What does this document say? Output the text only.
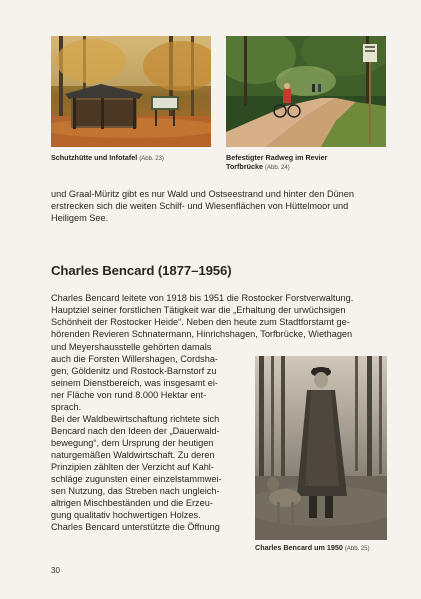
Schutzhütte und Infotafel (Abb. 23)	Befestigter Radweg im Revier
Torfbrücke (Abb. 24)
und Graal-Müritz gibt es nur Wald und Ostseestrand und hinter den Dünen
erstrecken sich die weiten Schilf- und Wiesenflächen von Hüttelmoor und
Heiligem See.
Charles Bencard (1877–1956)
Charles Bencard leitete von 1918 bis 1951 die Rostocker Forstverwaltung.
Hauptziel seiner forstlichen Tätigkeit war die „Erhaltung der urwüchsigen
Schönheit der Rostocker Heide“. Neben den heute zum Stadtforstamt ge-
hörenden Revieren Schnatermann, Hinrichshagen, Torfbrücke, Wiethagen
und Meyershausstelle gehörten damals
auch die Forsten Willershagen, Cordsha-
gen, Göldenitz und Rostock-Barnstorf zu
seinem Dienstbereich, was insgesamt ei-
ner Fläche von rund 8.000 Hektar ent-
sprach.
Bei der Waldbewirtschaftung richtete sich
Bencard nach den Ideen der „Dauerwald-
bewegung“, dem Ursprung der heutigen
naturgemäßen Waldwirtschaft. Zu deren
Prinzipien zählten der Verzicht auf Kahl-
schläge zugunsten einer einzelstammwei-
sen Nutzung, das Streben nach ungleich-
altrigen Mischbeständen und die Erzeu-
gung qualitativ hochwertigen Holzes.
Charles Bencard unterstützte die Öffnung
Charles Bencard um 1950 (Abb. 25)
30
